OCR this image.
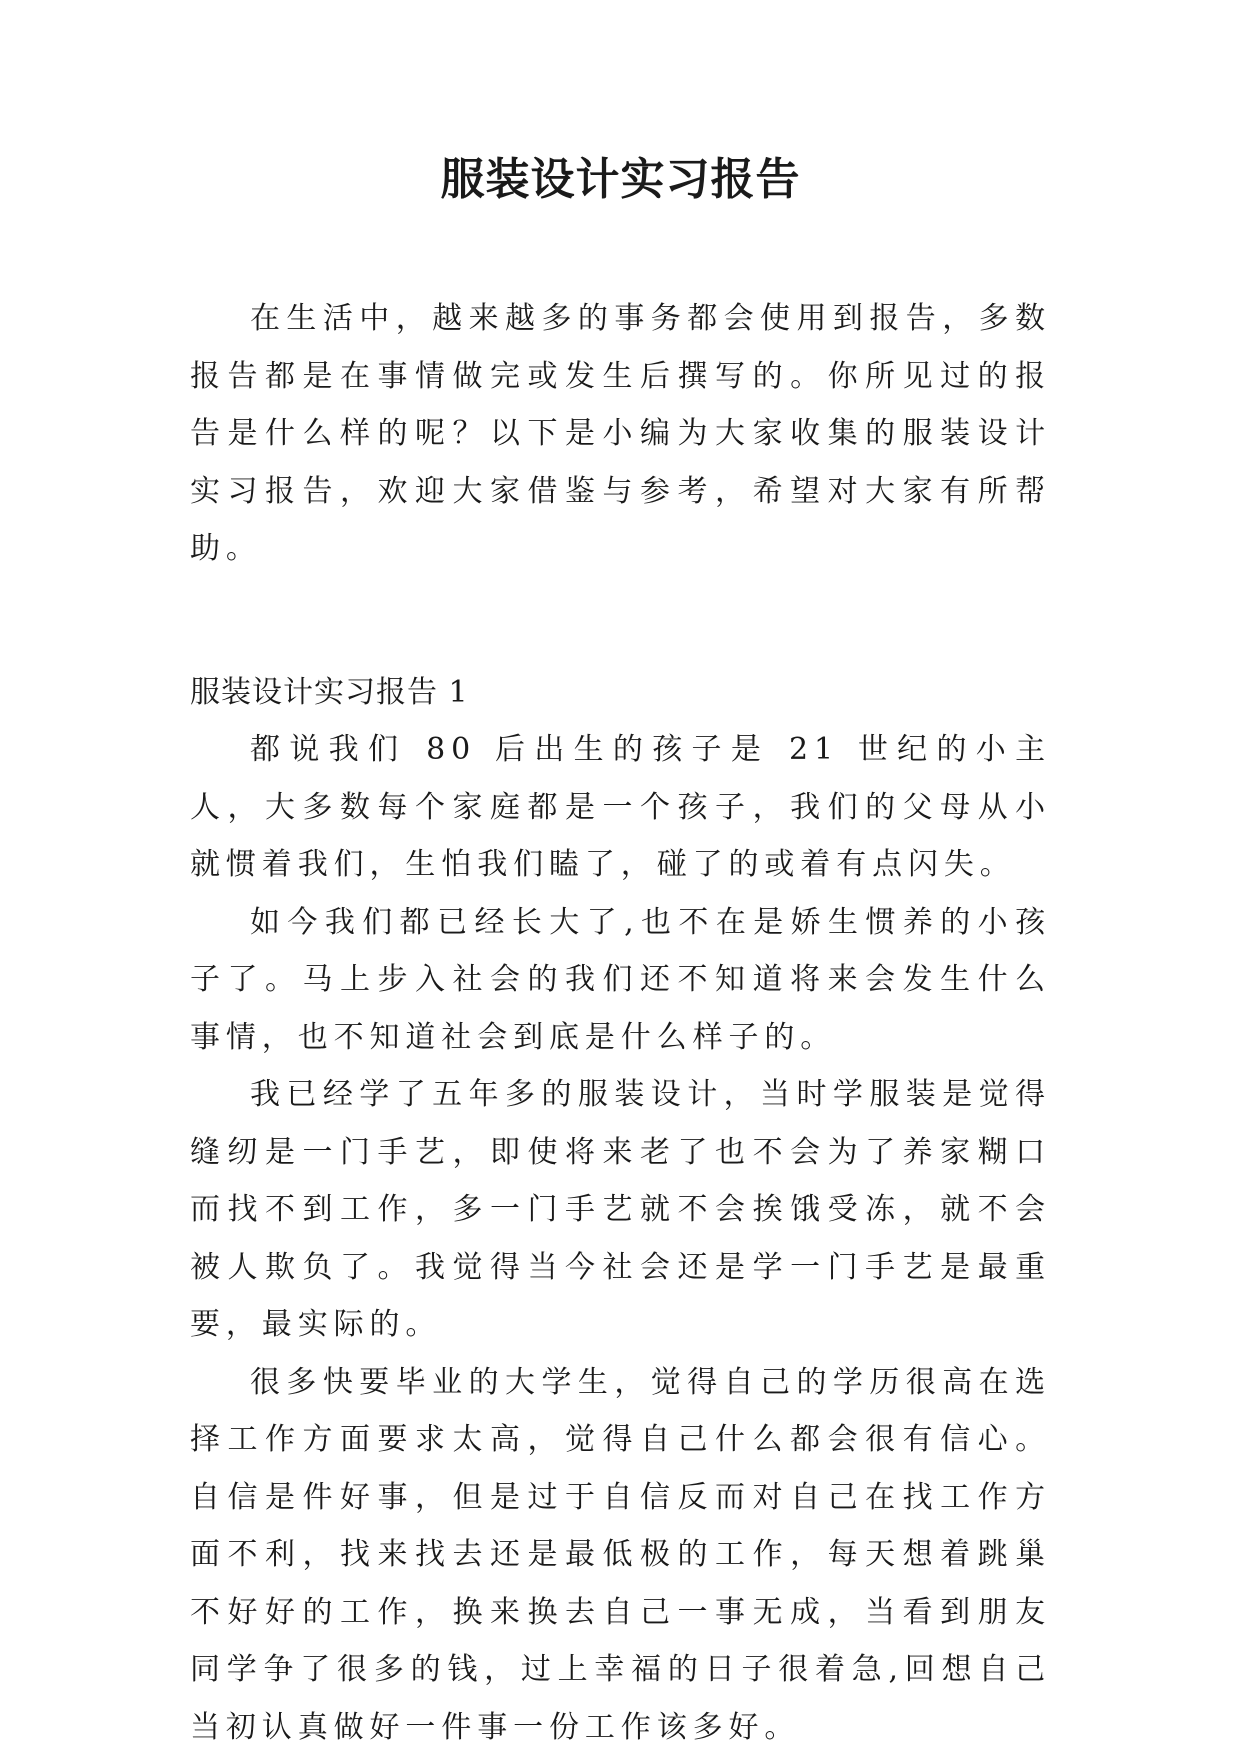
服装设计实习报告

在生活中，越来越多的事务都会使用到报告，多数报告都是在事情做完或发生后撰写的。你所见过的报告是什么样的呢？以下是小编为大家收集的服装设计实习报告，欢迎大家借鉴与参考，希望对大家有所帮助。

服装设计实习报告 1

都说我们 80 后出生的孩子是 21 世纪的小主人，大多数每个家庭都是一个孩子，我们的父母从小就惯着我们，生怕我们瞌了，碰了的或着有点闪失。

如今我们都已经长大了,也不在是娇生惯养的小孩子了。马上步入社会的我们还不知道将来会发生什么事情，也不知道社会到底是什么样子的。

我已经学了五年多的服装设计，当时学服装是觉得缝纫是一门手艺，即使将来老了也不会为了养家糊口而找不到工作，多一门手艺就不会挨饿受冻，就不会被人欺负了。我觉得当今社会还是学一门手艺是最重要，最实际的。

很多快要毕业的大学生，觉得自己的学历很高在选择工作方面要求太高，觉得自己什么都会很有信心。自信是件好事，但是过于自信反而对自己在找工作方面不利，找来找去还是最低极的工作，每天想着跳巢不好好的工作，换来换去自己一事无成，当看到朋友同学争了很多的钱，过上幸福的日子很着急,回想自己当初认真做好一件事一份工作该多好。
